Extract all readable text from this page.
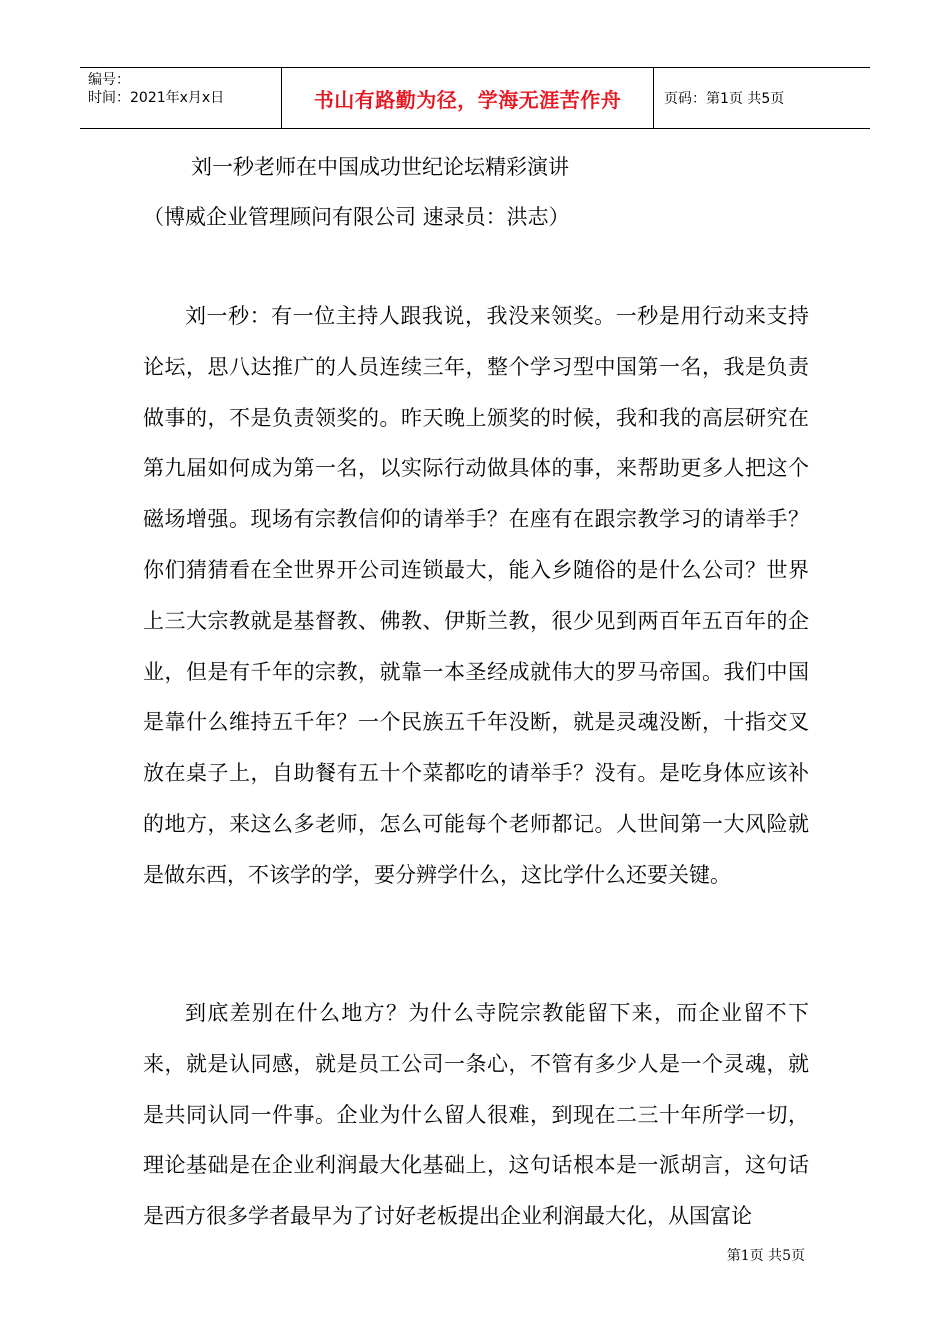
编号：
时间：2021年x月x日	书山有路勤为径，学海无涯苦作舟	页码：第1页 共5页
刘一秒老师在中国成功世纪论坛精彩演讲
（博威企业管理顾问有限公司 速录员：洪志）

刘一秒：有一位主持人跟我说，我没来领奖。一秒是用行动来支持论坛，思八达推广的人员连续三年，整个学习型中国第一名，我是负责做事的，不是负责领奖的。昨天晚上颁奖的时候，我和我的高层研究在第九届如何成为第一名，以实际行动做具体的事，来帮助更多人把这个磁场增强。现场有宗教信仰的请举手？在座有在跟宗教学习的请举手？你们猜猜看在全世界开公司连锁最大，能入乡随俗的是什么公司？世界上三大宗教就是基督教、佛教、伊斯兰教，很少见到两百年五百年的企业，但是有千年的宗教，就靠一本圣经成就伟大的罗马帝国。我们中国是靠什么维持五千年？一个民族五千年没断，就是灵魂没断，十指交叉放在桌子上，自助餐有五十个菜都吃的请举手？没有。是吃身体应该补的地方，来这么多老师，怎么可能每个老师都记。人世间第一大风险就是做东西，不该学的学，要分辨学什么，这比学什么还要关键。

到底差别在什么地方？为什么寺院宗教能留下来，而企业留不下来，就是认同感，就是员工公司一条心，不管有多少人是一个灵魂，就是共同认同一件事。企业为什么留人很难，到现在二三十年所学一切，理论基础是在企业利润最大化基础上，这句话根本是一派胡言，这句话是西方很多学者最早为了讨好老板提出企业利润最大化，从国富论

第1页 共5页
